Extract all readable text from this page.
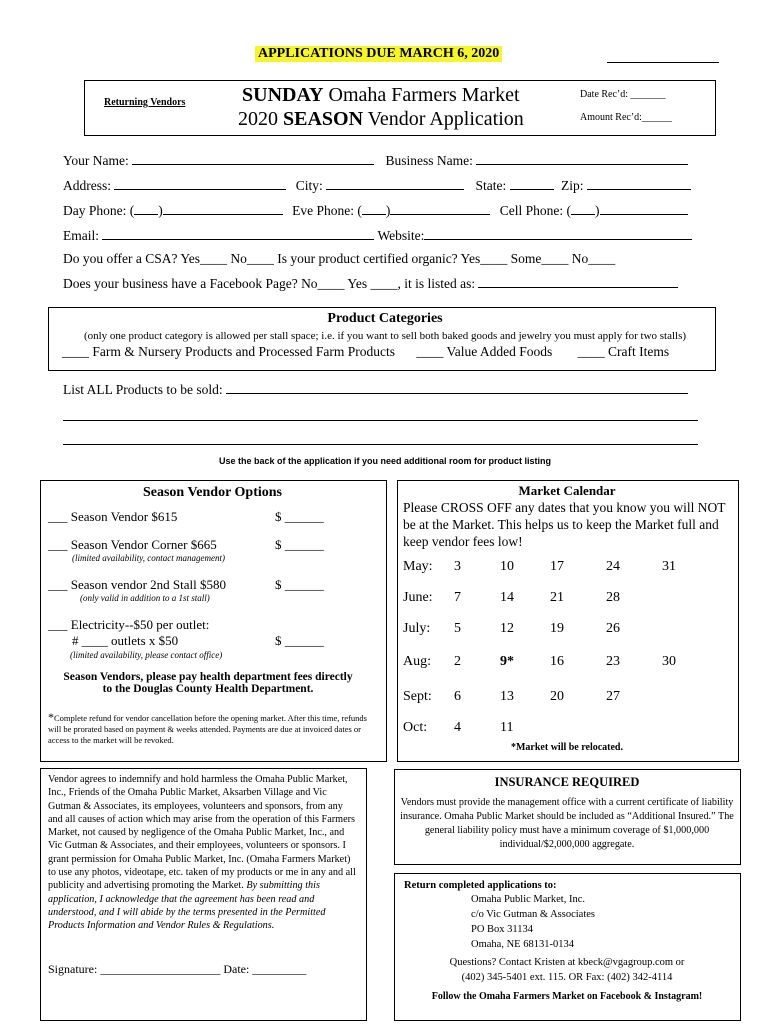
APPLICATIONS DUE MARCH 6, 2020
Returning Vendors	SUNDAY Omaha Farmers Market
2020 SEASON Vendor Application
Date Rec’d: _______
Amount Rec’d:______
Your Name:	Business Name:
Address:	City:	State:	Zip:
Day Phone: ( )	Eve Phone: ( )	Cell Phone: ( )
Email:	Website:
Do you offer a CSA? Yes____ No____ Is your product certified organic? Yes____ Some____ No____
Does your business have a Facebook Page? No____ Yes ____, it is listed as:
Product Categories
(only one product category is allowed per stall space; i.e. if you want to sell both baked goods and jewelry you must apply for two stalls)
____ Farm & Nursery Products and Processed Farm Products ____ Value Added Foods ____ Craft Items
List ALL Products to be sold:
Use the back of the application if you need additional room for product listing
Season Vendor Options
___ Season Vendor $615	$ ______
___ Season Vendor Corner $665	$ ______
(limited availability, contact management)
___ Season vendor 2nd Stall $580	$ ______
(only valid in addition to a 1st stall)
___ Electricity--$50 per outlet:
# ____ outlets x $50	$ ______
(limited availability, please contact office)
Season Vendors, please pay health department fees directly to the Douglas County Health Department.
*Complete refund for vendor cancellation before the opening market. After this time, refunds will be prorated based on payment & weeks attended. Payments are due at invoiced dates or access to the market will be revoked.
Market Calendar
Please CROSS OFF any dates that you know you will NOT be at the Market. This helps us to keep the Market full and keep vendor fees low!
May: 3	10	17	24	31
June: 7	14	21	28
July: 5	12	19	26
Aug: 2	9*	16	23	30
Sept: 6	13	20	27
Oct: 4	11
*Market will be relocated.
Vendor agrees to indemnify and hold harmless the Omaha Public Market, Inc., Friends of the Omaha Public Market, Aksarben Village and Vic Gutman & Associates, its employees, volunteers and sponsors, from any and all causes of action which may arise from the operation of this Farmers Market, not caused by negligence of the Omaha Public Market, Inc., and Vic Gutman & Associates, and their employees, volunteers or sponsors. I grant permission for Omaha Public Market, Inc. (Omaha Farmers Market) to use any photos, videotape, etc. taken of my products or me in any and all publicity and advertising promoting the Market. By submitting this application, I acknowledge that the agreement has been read and understood, and I will abide by the terms presented in the Permitted Products Information and Vendor Rules & Regulations.
Signature: ____________________ Date: _________
INSURANCE REQUIRED
Vendors must provide the management office with a current certificate of liability insurance. Omaha Public Market should be included as “Additional Insured.” The general liability policy must have a minimum coverage of $1,000,000 individual/$2,000,000 aggregate.
Return completed applications to:
Omaha Public Market, Inc.
c/o Vic Gutman & Associates
PO Box 31134
Omaha, NE 68131-0134
Questions? Contact Kristen at kbeck@vgagroup.com or
(402) 345-5401 ext. 115. OR Fax: (402) 342-4114
Follow the Omaha Farmers Market on Facebook & Instagram!
